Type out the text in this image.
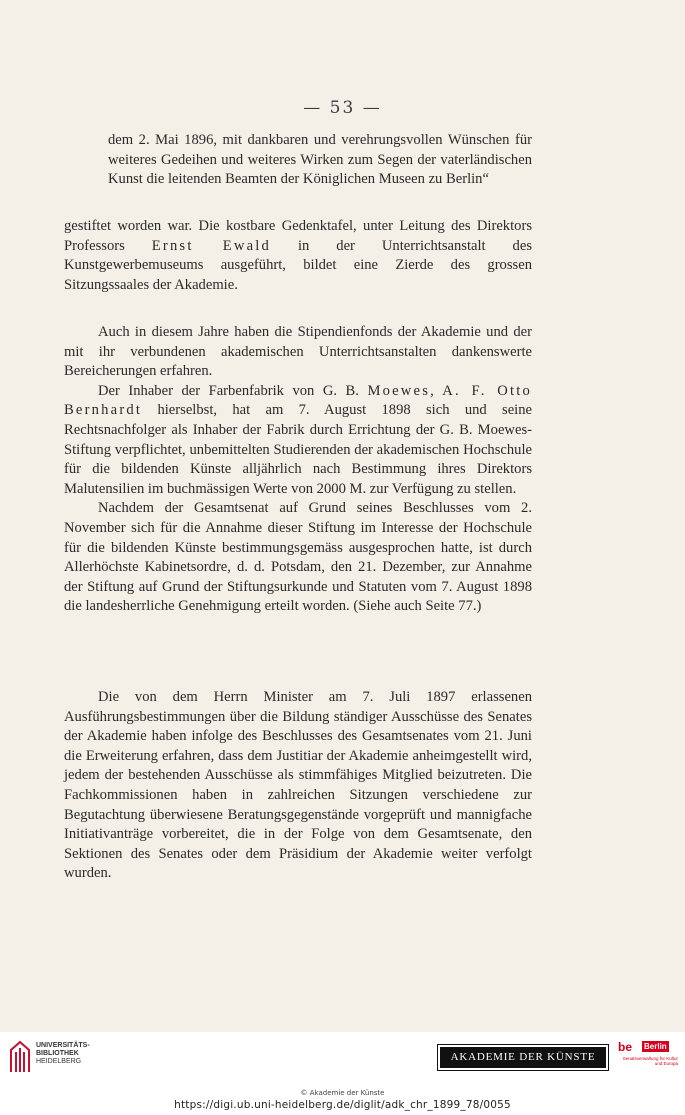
— 53 —

dem 2. Mai 1896, mit dankbaren und verehrungsvollen Wünschen für weiteres Gedeihen und weiteres Wirken zum Segen der vaterländischen Kunst die leitenden Beamten der Königlichen Museen zu Berlin“

gestiftet worden war. Die kostbare Gedenktafel, unter Leitung des Direktors Professors Ernst Ewald in der Unterrichtsanstalt des Kunstgewerbemuseums ausgeführt, bildet eine Zierde des grossen Sitzungssaales der Akademie.

Auch in diesem Jahre haben die Stipendienfonds der Akademie und der mit ihr verbundenen akademischen Unterrichtsanstalten dankenswerte Bereicherungen erfahren.

Der Inhaber der Farbenfabrik von G. B. Moewes, A. F. Otto Bernhardt hierselbst, hat am 7. August 1898 sich und seine Rechtsnachfolger als Inhaber der Fabrik durch Errichtung der G. B. Moewes-Stiftung verpflichtet, unbemittelten Studierenden der akademischen Hochschule für die bildenden Künste alljährlich nach Bestimmung ihres Direktors Malutensilien im buchmässigen Werte von 2000 M. zur Verfügung zu stellen.

Nachdem der Gesamtsenat auf Grund seines Beschlusses vom 2. November sich für die Annahme dieser Stiftung im Interesse der Hochschule für die bildenden Künste bestimmungsgemäss ausgesprochen hatte, ist durch Allerhöchste Kabinetsordre, d. d. Potsdam, den 21. Dezember, zur Annahme der Stiftung auf Grund der Stiftungsurkunde und Statuten vom 7. August 1898 die landesherrliche Genehmigung erteilt worden. (Siehe auch Seite 77.)

Die von dem Herrn Minister am 7. Juli 1897 erlassenen Ausführungsbestimmungen über die Bildung ständiger Ausschüsse des Senates der Akademie haben infolge des Beschlusses des Gesamtsenates vom 21. Juni die Erweiterung erfahren, dass dem Justitiar der Akademie anheimgestellt wird, jedem der bestehenden Ausschüsse als stimmfähiges Mitglied beizutreten. Die Fachkommissionen haben in zahlreichen Sitzungen verschiedene zur Begutachtung überwiesene Beratungsgegenstände vorgeprüft und mannigfache Initiativanträge vorbereitet, die in der Folge von dem Gesamtsenate, den Sektionen des Senates oder dem Präsidium der Akademie weiter verfolgt wurden.

UNIVERSITÄTS-
BIBLIOTHEK
HEIDELBERG	AKADEMIE DER KÜNSTE
be Berlin
Senatsverwaltung für Kultur und Europa
© Akademie der Künste
https://digi.ub.uni-heidelberg.de/diglit/adk_chr_1899_78/0055
